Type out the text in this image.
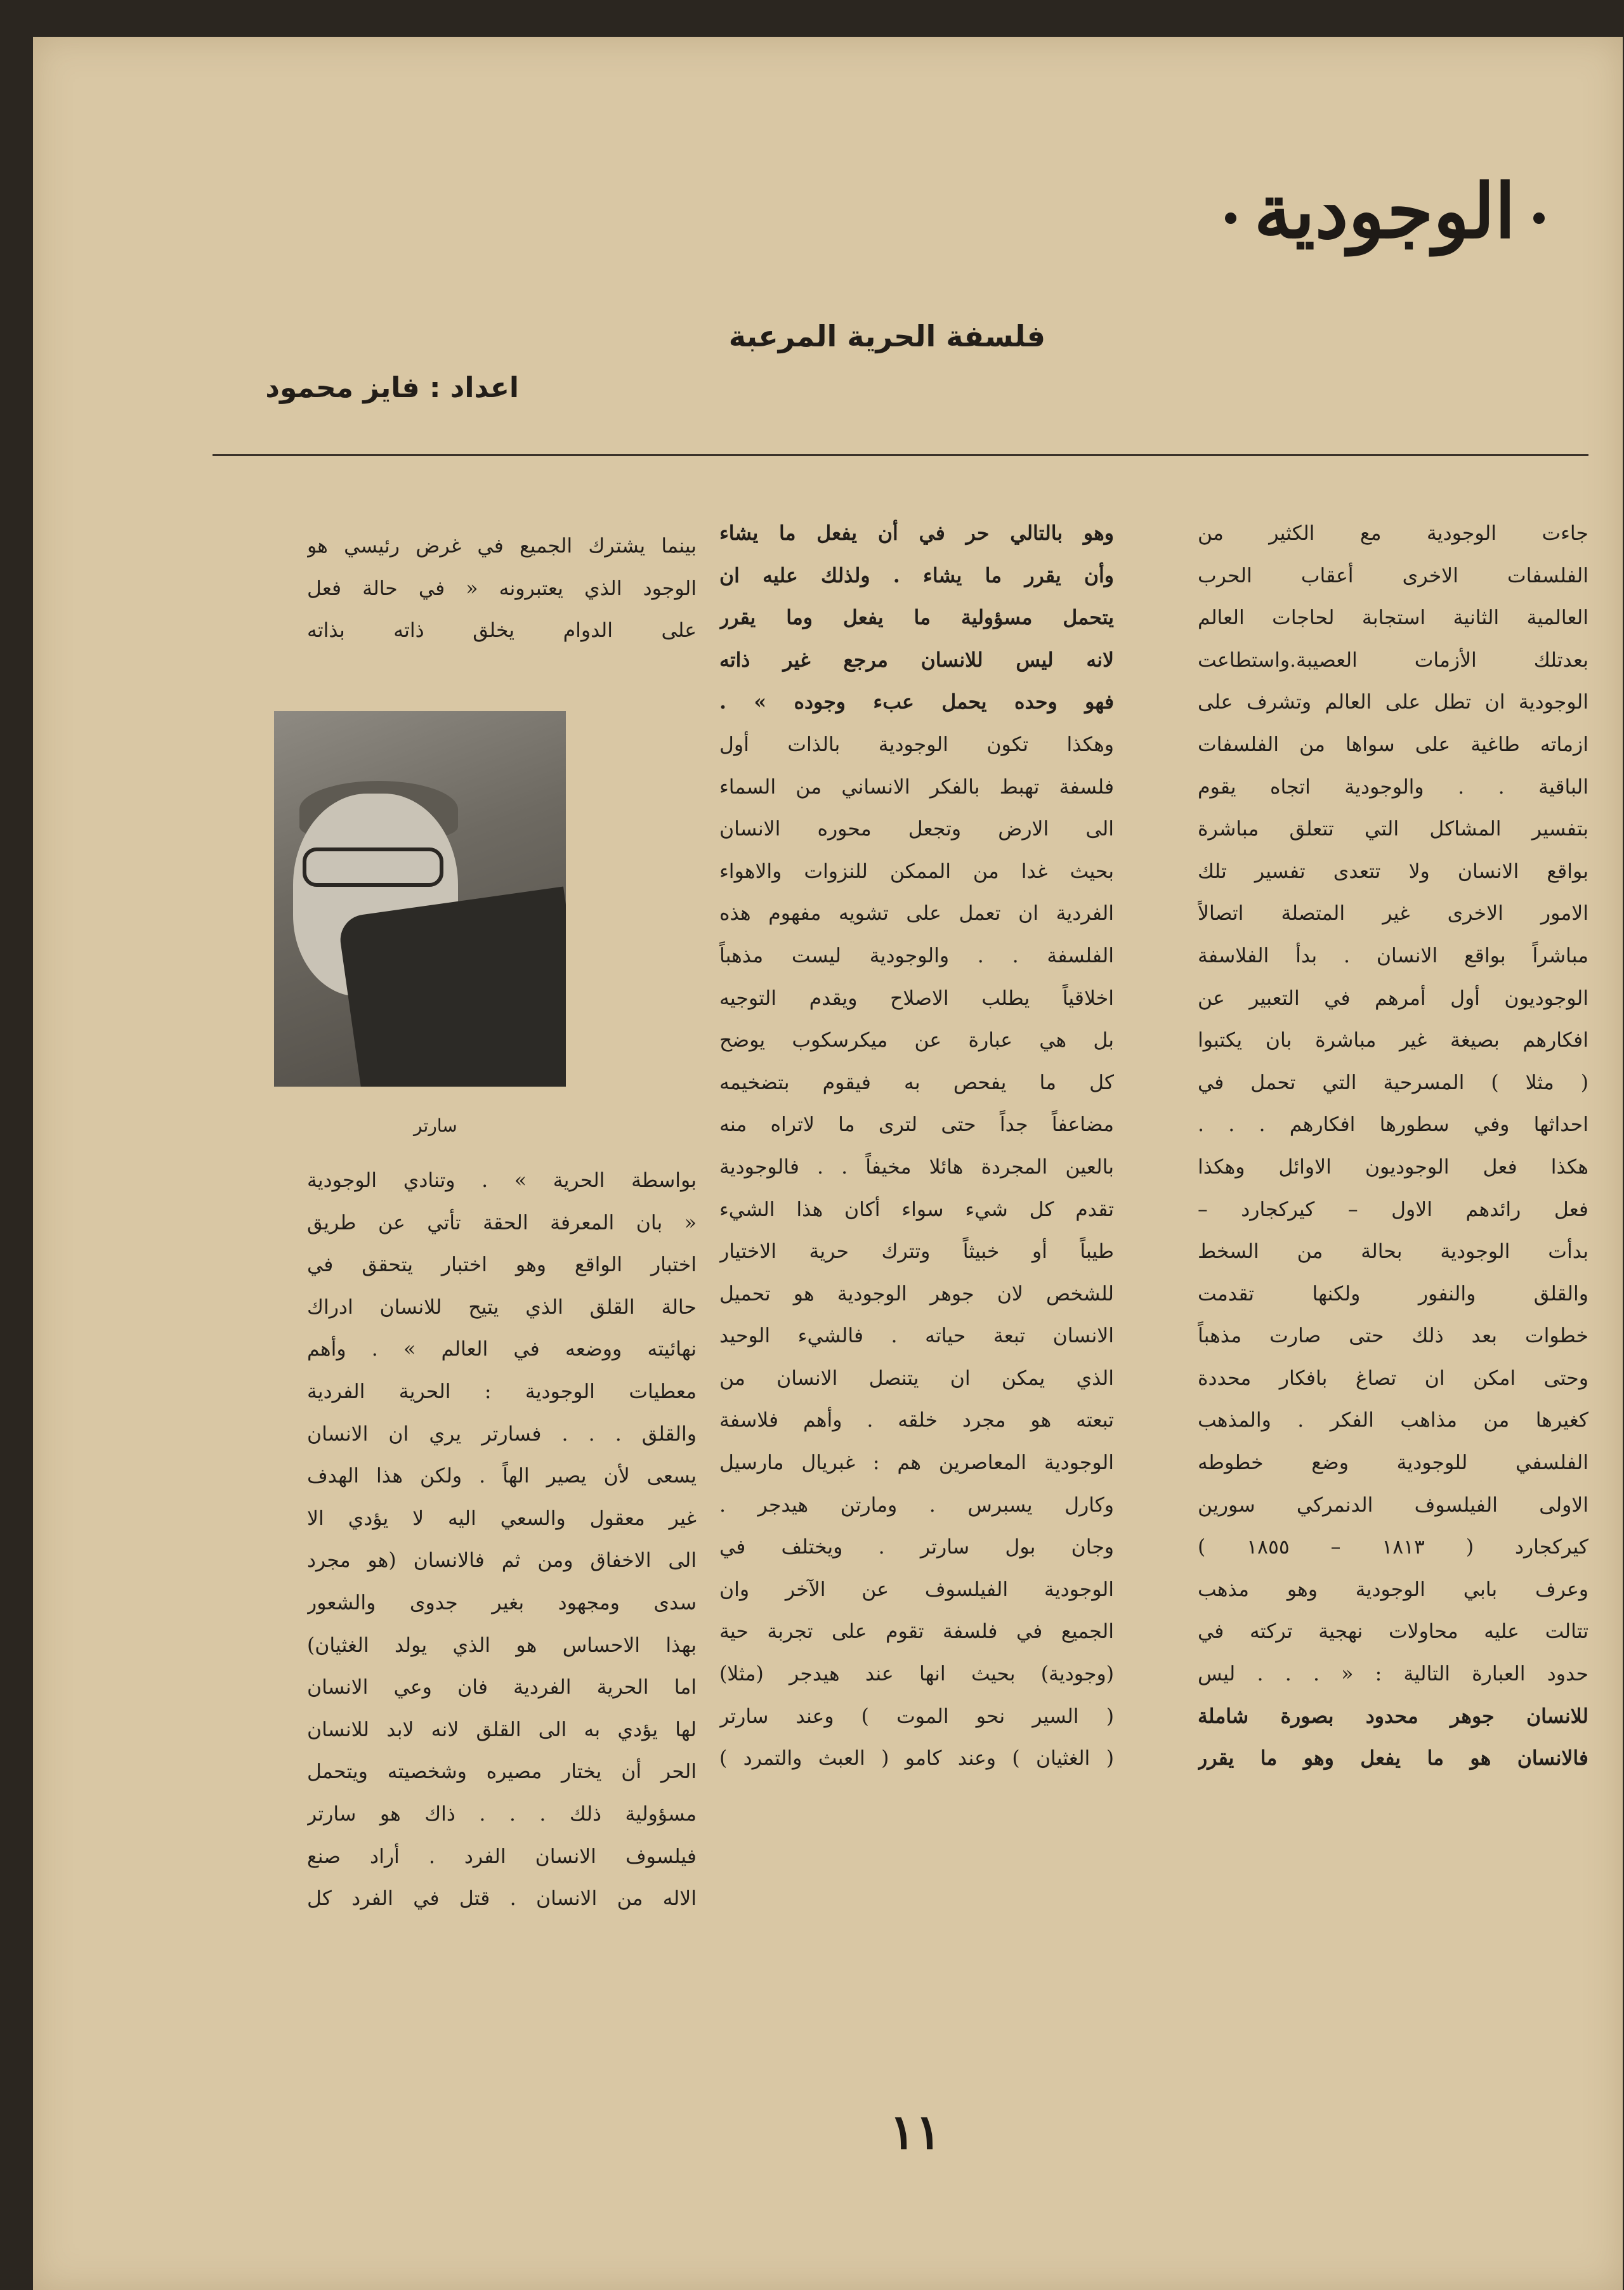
الوجودية
فلسفة الحرية المرعبة
اعداد : فايز محمود
جاءت الوجودية مع الكثير من
الفلسفات الاخرى أعقاب الحرب
العالمية الثانية استجابة لحاجات العالم
بعدتلك الأزمات العصيبة.واستطاعت
الوجودية ان تطل على العالم وتشرف على
ازماته طاغية على سواها من الفلسفات
الباقية . . والوجودية اتجاه يقوم
بتفسير المشاكل التي تتعلق مباشرة
بواقع الانسان ولا تتعدى تفسير تلك
الامور الاخرى غير المتصلة اتصالاً
مباشراً بواقع الانسان . بدأ الفلاسفة
الوجوديون أول أمرهم في التعبير عن
افكارهم بصيغة غير مباشرة بان يكتبوا
( مثلا ) المسرحية التي تحمل في
احداثها وفي سطورها افكارهم . . .
هكذا فعل الوجوديون الاوائل وهكذا
فعل رائدهم الاول – كيركجارد –
بدأت الوجودية بحالة من السخط
والقلق والنفور ولكنها تقدمت
خطوات بعد ذلك حتى صارت مذهباً
وحتى امكن ان تصاغ بافكار محددة
كغيرها من مذاهب الفكر . والمذهب
الفلسفي للوجودية وضع خطوطه
الاولى الفيلسوف الدنمركي سورين
كيركجارد ( ١٨١٣ – ١٨٥٥ )
وعرف بابي الوجودية وهو مذهب
تتالت عليه محاولات نهجية تركته في
حدود العبارة التالية : « . . . ليس
للانسان جوهر محدود بصورة شاملة
فالانسان هو ما يفعل وهو ما يقرر
وهو بالتالي حر في أن يفعل ما يشاء
وأن يقرر ما يشاء . ولذلك عليه ان
يتحمل مسؤولية ما يفعل وما يقرر
لانه ليس للانسان مرجع غير ذاته
فهو وحده يحمل عبء وجوده » .
وهكذا تكون الوجودية بالذات أول
فلسفة تهبط بالفكر الانساني من السماء
الى الارض وتجعل محوره الانسان
بحيث غدا من الممكن للنزوات والاهواء
الفردية ان تعمل على تشويه مفهوم هذه
الفلسفة . . والوجودية ليست مذهباً
اخلاقياً يطلب الاصلاح ويقدم التوجيه
بل هي عبارة عن ميكرسكوب يوضح
كل ما يفحص به فيقوم بتضخيمه
مضاعفاً جداً حتى لترى ما لاتراه منه
بالعين المجردة هائلا مخيفاً . . فالوجودية
تقدم كل شيء سواء أكان هذا الشيء
طيباً أو خبيثاً وتترك حرية الاختيار
للشخص لان جوهر الوجودية هو تحميل
الانسان تبعة حياته . فالشيء الوحيد
الذي يمكن ان يتنصل الانسان من
تبعته هو مجرد خلقه . وأهم فلاسفة
الوجودية المعاصرين هم : غبريال مارسيل
وكارل يسبرس . ومارتن هيدجر .
وجان بول سارتر . ويختلف في
الوجودية الفيلسوف عن الآخر وان
الجميع في فلسفة تقوم على تجربة حية
(وجودية) بحيث انها عند هيدجر (مثلا)
( السير نحو الموت ) وعند سارتر
( الغثيان ) وعند كامو ( العبث والتمرد )
بينما يشترك الجميع في غرض رئيسي هو
الوجود الذي يعتبرونه « في حالة فعل
على الدوام يخلق ذاته بذاته
سارتر
بواسطة الحرية » . وتنادي الوجودية
« بان المعرفة الحقة تأتي عن طريق
اختبار الواقع وهو اختبار يتحقق في
حالة القلق الذي يتيح للانسان ادراك
نهائيته ووضعه في العالم » . وأهم
معطيات الوجودية : الحرية الفردية
والقلق . . . فسارتر يري ان الانسان
يسعى لأن يصير الهاً . ولكن هذا الهدف
غير معقول والسعي اليه لا يؤدي الا
الى الاخفاق ومن ثم فالانسان (هو مجرد
سدى ومجهود بغير جدوى والشعور
بهذا الاحساس هو الذي يولد الغثيان)
اما الحرية الفردية فان وعي الانسان
لها يؤدي به الى القلق لانه لابد للانسان
الحر أن يختار مصيره وشخصيته ويتحمل
مسؤولية ذلك . . . ذاك هو سارتر
فيلسوف الانسان الفرد . أراد صنع
الاله من الانسان . قتل في الفرد كل
١١
